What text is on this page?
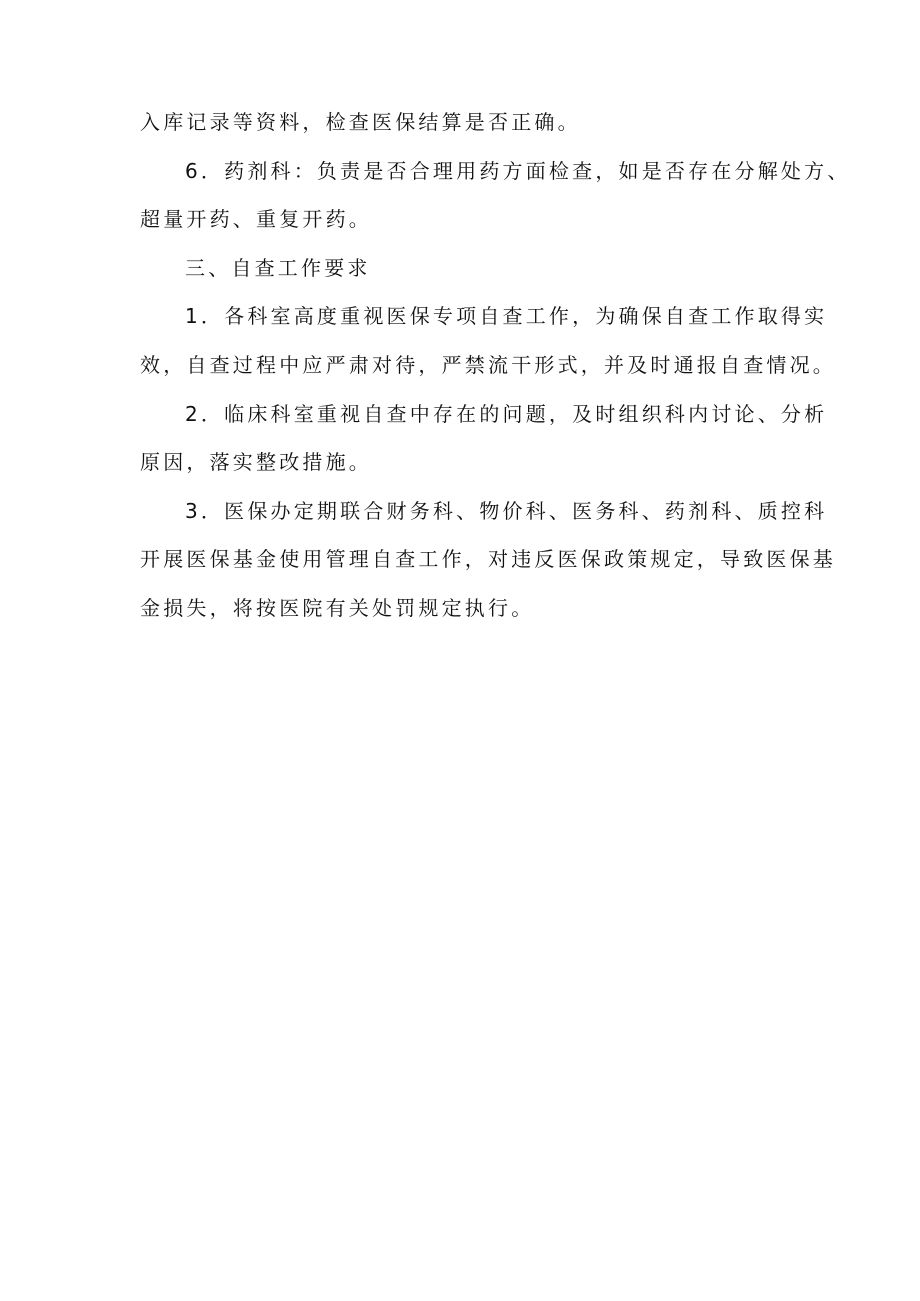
入库记录等资料，检查医保结算是否正确。
6．药剂科：负责是否合理用药方面检查，如是否存在分解处方、
超量开药、重复开药。
三、自查工作要求
1．各科室高度重视医保专项自查工作，为确保自查工作取得实
效，自查过程中应严肃对待，严禁流干形式，并及时通报自查情况。
2．临床科室重视自查中存在的问题，及时组织科内讨论、分析
原因，落实整改措施。
3．医保办定期联合财务科、物价科、医务科、药剂科、质控科
开展医保基金使用管理自查工作，对违反医保政策规定，导致医保基
金损失，将按医院有关处罚规定执行。
